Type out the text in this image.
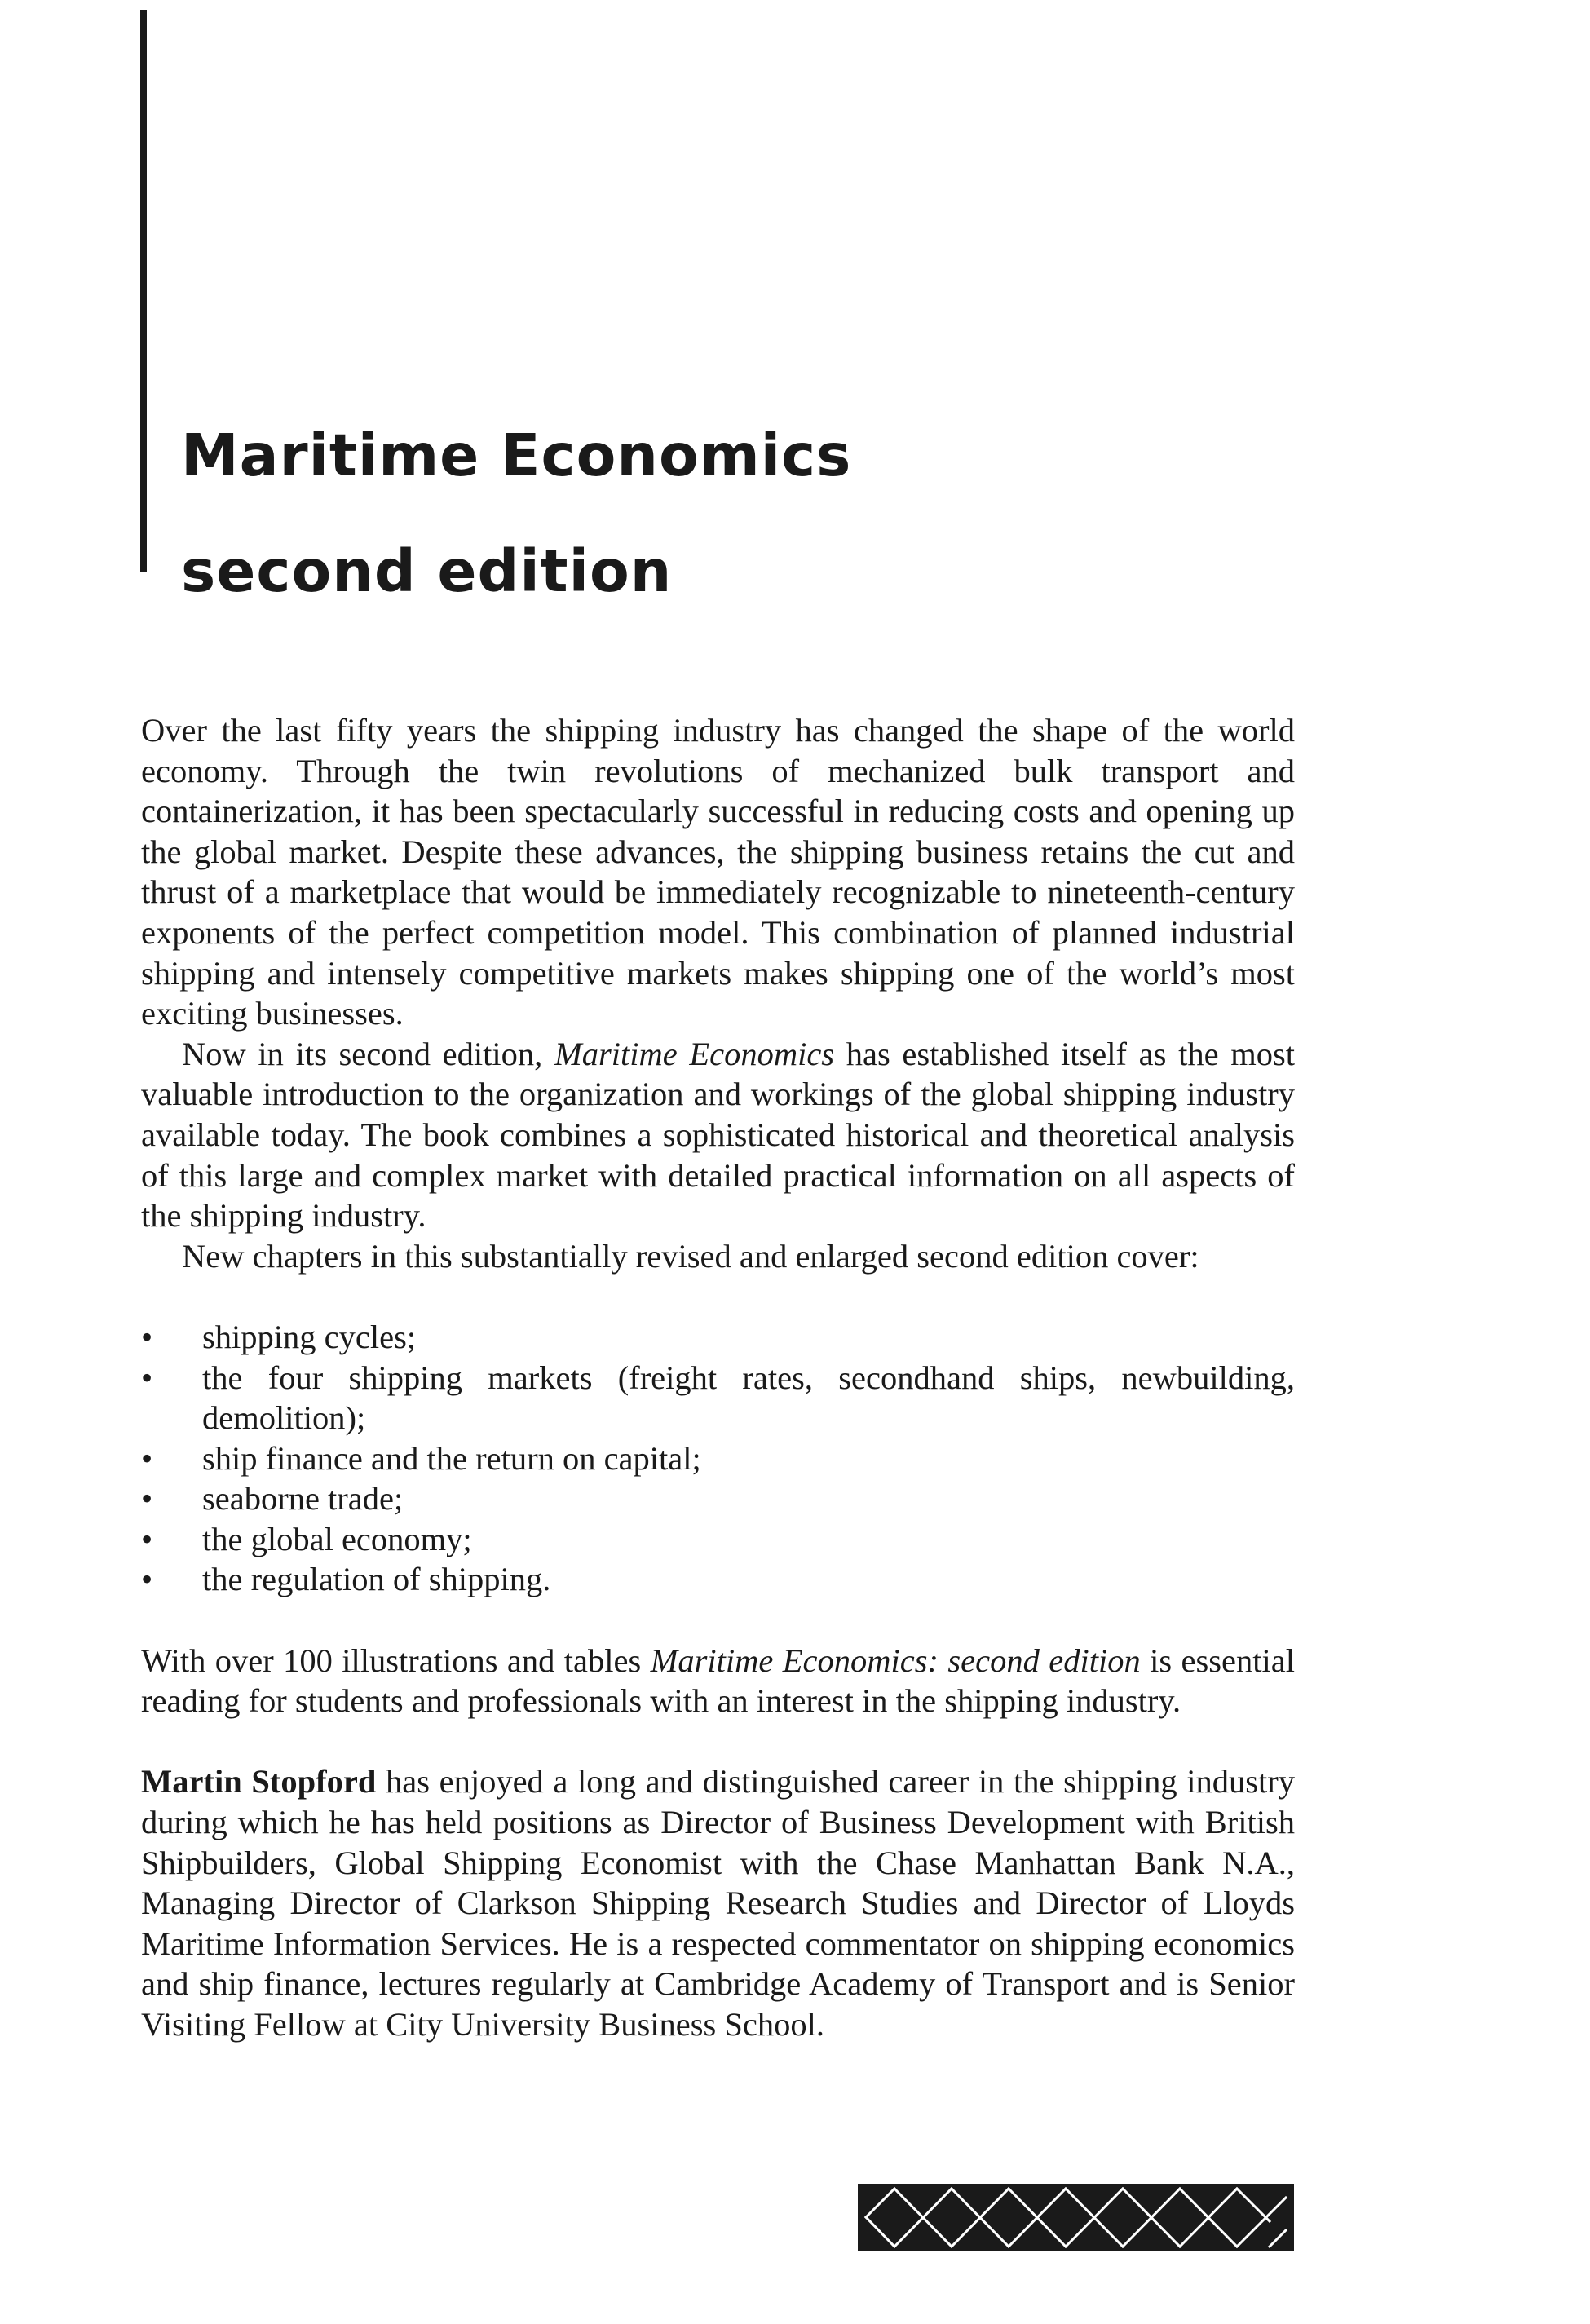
Maritime Economics
second edition

Over the last fifty years the shipping industry has changed the shape of the world economy. Through the twin revolutions of mechanized bulk transport and containerization, it has been spectacularly successful in reducing costs and opening up the global market. Despite these advances, the shipping business retains the cut and thrust of a marketplace that would be immediately recognizable to nineteenth-century exponents of the perfect competition model. This combination of planned industrial shipping and intensely competitive markets makes shipping one of the world’s most exciting businesses.

Now in its second edition, Maritime Economics has established itself as the most valuable introduction to the organization and workings of the global shipping industry available today. The book combines a sophisticated historical and theoretical analysis of this large and complex market with detailed practical information on all aspects of the shipping industry.

New chapters in this substantially revised and enlarged second edition cover:

• shipping cycles;
• the four shipping markets (freight rates, secondhand ships, newbuilding, demolition);
• ship finance and the return on capital;
• seaborne trade;
• the global economy;
• the regulation of shipping.

With over 100 illustrations and tables Maritime Economics: second edition is essential reading for students and professionals with an interest in the shipping industry.

Martin Stopford has enjoyed a long and distinguished career in the shipping industry during which he has held positions as Director of Business Development with British Shipbuilders, Global Shipping Economist with the Chase Manhattan Bank N.A., Managing Director of Clarkson Shipping Research Studies and Director of Lloyds Maritime Information Services. He is a respected commentator on shipping economics and ship finance, lectures regularly at Cambridge Academy of Transport and is Senior Visiting Fellow at City University Business School.
